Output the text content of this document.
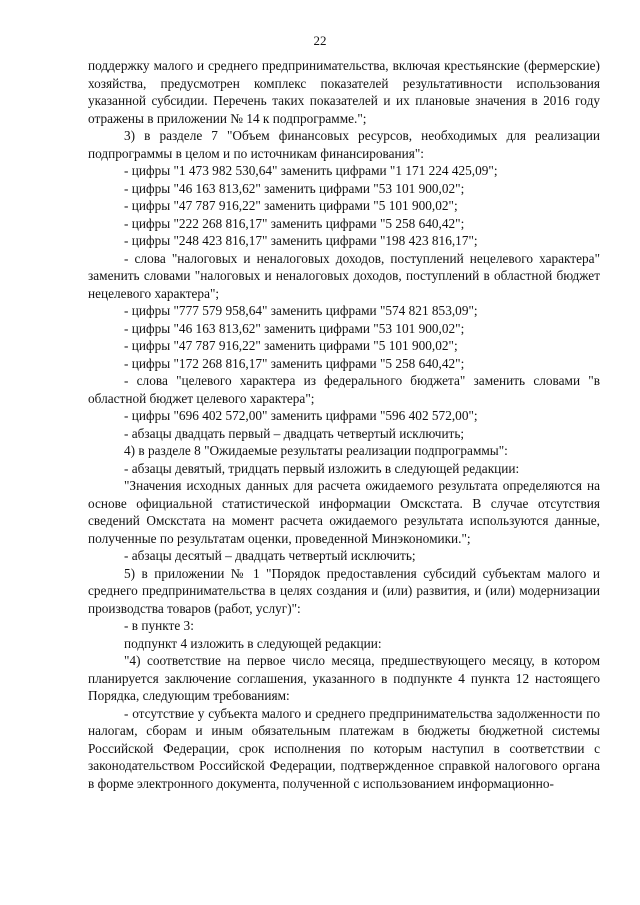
22

поддержку малого и среднего предпринимательства, включая крестьянские (фермерские) хозяйства, предусмотрен комплекс показателей результативности использования указанной субсидии. Перечень таких показателей и их плановые значения в 2016 году отражены в приложении № 14 к подпрограмме.";

3) в разделе 7 "Объем финансовых ресурсов, необходимых для реализации подпрограммы в целом и по источникам финансирования":

- цифры "1 473 982 530,64" заменить цифрами "1 171 224 425,09";

- цифры "46 163 813,62" заменить цифрами "53 101 900,02";

- цифры "47 787 916,22" заменить цифрами "5 101 900,02";

- цифры "222 268 816,17" заменить цифрами "5 258 640,42";

- цифры "248 423 816,17" заменить цифрами "198 423 816,17";

- слова "налоговых и неналоговых доходов, поступлений нецелевого характера" заменить словами "налоговых и неналоговых доходов, поступлений в областной бюджет нецелевого характера";

- цифры "777 579 958,64" заменить цифрами "574 821 853,09";

- цифры "46 163 813,62" заменить цифрами "53 101 900,02";

- цифры "47 787 916,22" заменить цифрами "5 101 900,02";

- цифры "172 268 816,17" заменить цифрами "5 258 640,42";

- слова "целевого характера из федерального бюджета" заменить словами "в областной бюджет целевого характера";

- цифры "696 402 572,00" заменить цифрами "596 402 572,00";

- абзацы двадцать первый – двадцать четвертый исключить;

4) в разделе 8 "Ожидаемые результаты реализации подпрограммы":

- абзацы девятый, тридцать первый изложить в следующей редакции:

"Значения исходных данных для расчета ожидаемого результата определяются на основе официальной статистической информации Омскстата. В случае отсутствия сведений Омскстата на момент расчета ожидаемого результата используются данные, полученные по результатам оценки, проведенной Минэкономики.";

- абзацы десятый – двадцать четвертый исключить;

5) в приложении № 1 "Порядок предоставления субсидий субъектам малого и среднего предпринимательства в целях создания и (или) развития, и (или) модернизации производства товаров (работ, услуг)":

- в пункте 3:

подпункт 4 изложить в следующей редакции:

"4) соответствие на первое число месяца, предшествующего месяцу, в котором планируется заключение соглашения, указанного в подпункте 4 пункта 12 настоящего Порядка, следующим требованиям:

- отсутствие у субъекта малого и среднего предпринимательства задолженности по налогам, сборам и иным обязательным платежам в бюджеты бюджетной системы Российской Федерации, срок исполнения по которым наступил в соответствии с законодательством Российской Федерации, подтвержденное справкой налогового органа в форме электронного документа, полученной с использованием информационно-
